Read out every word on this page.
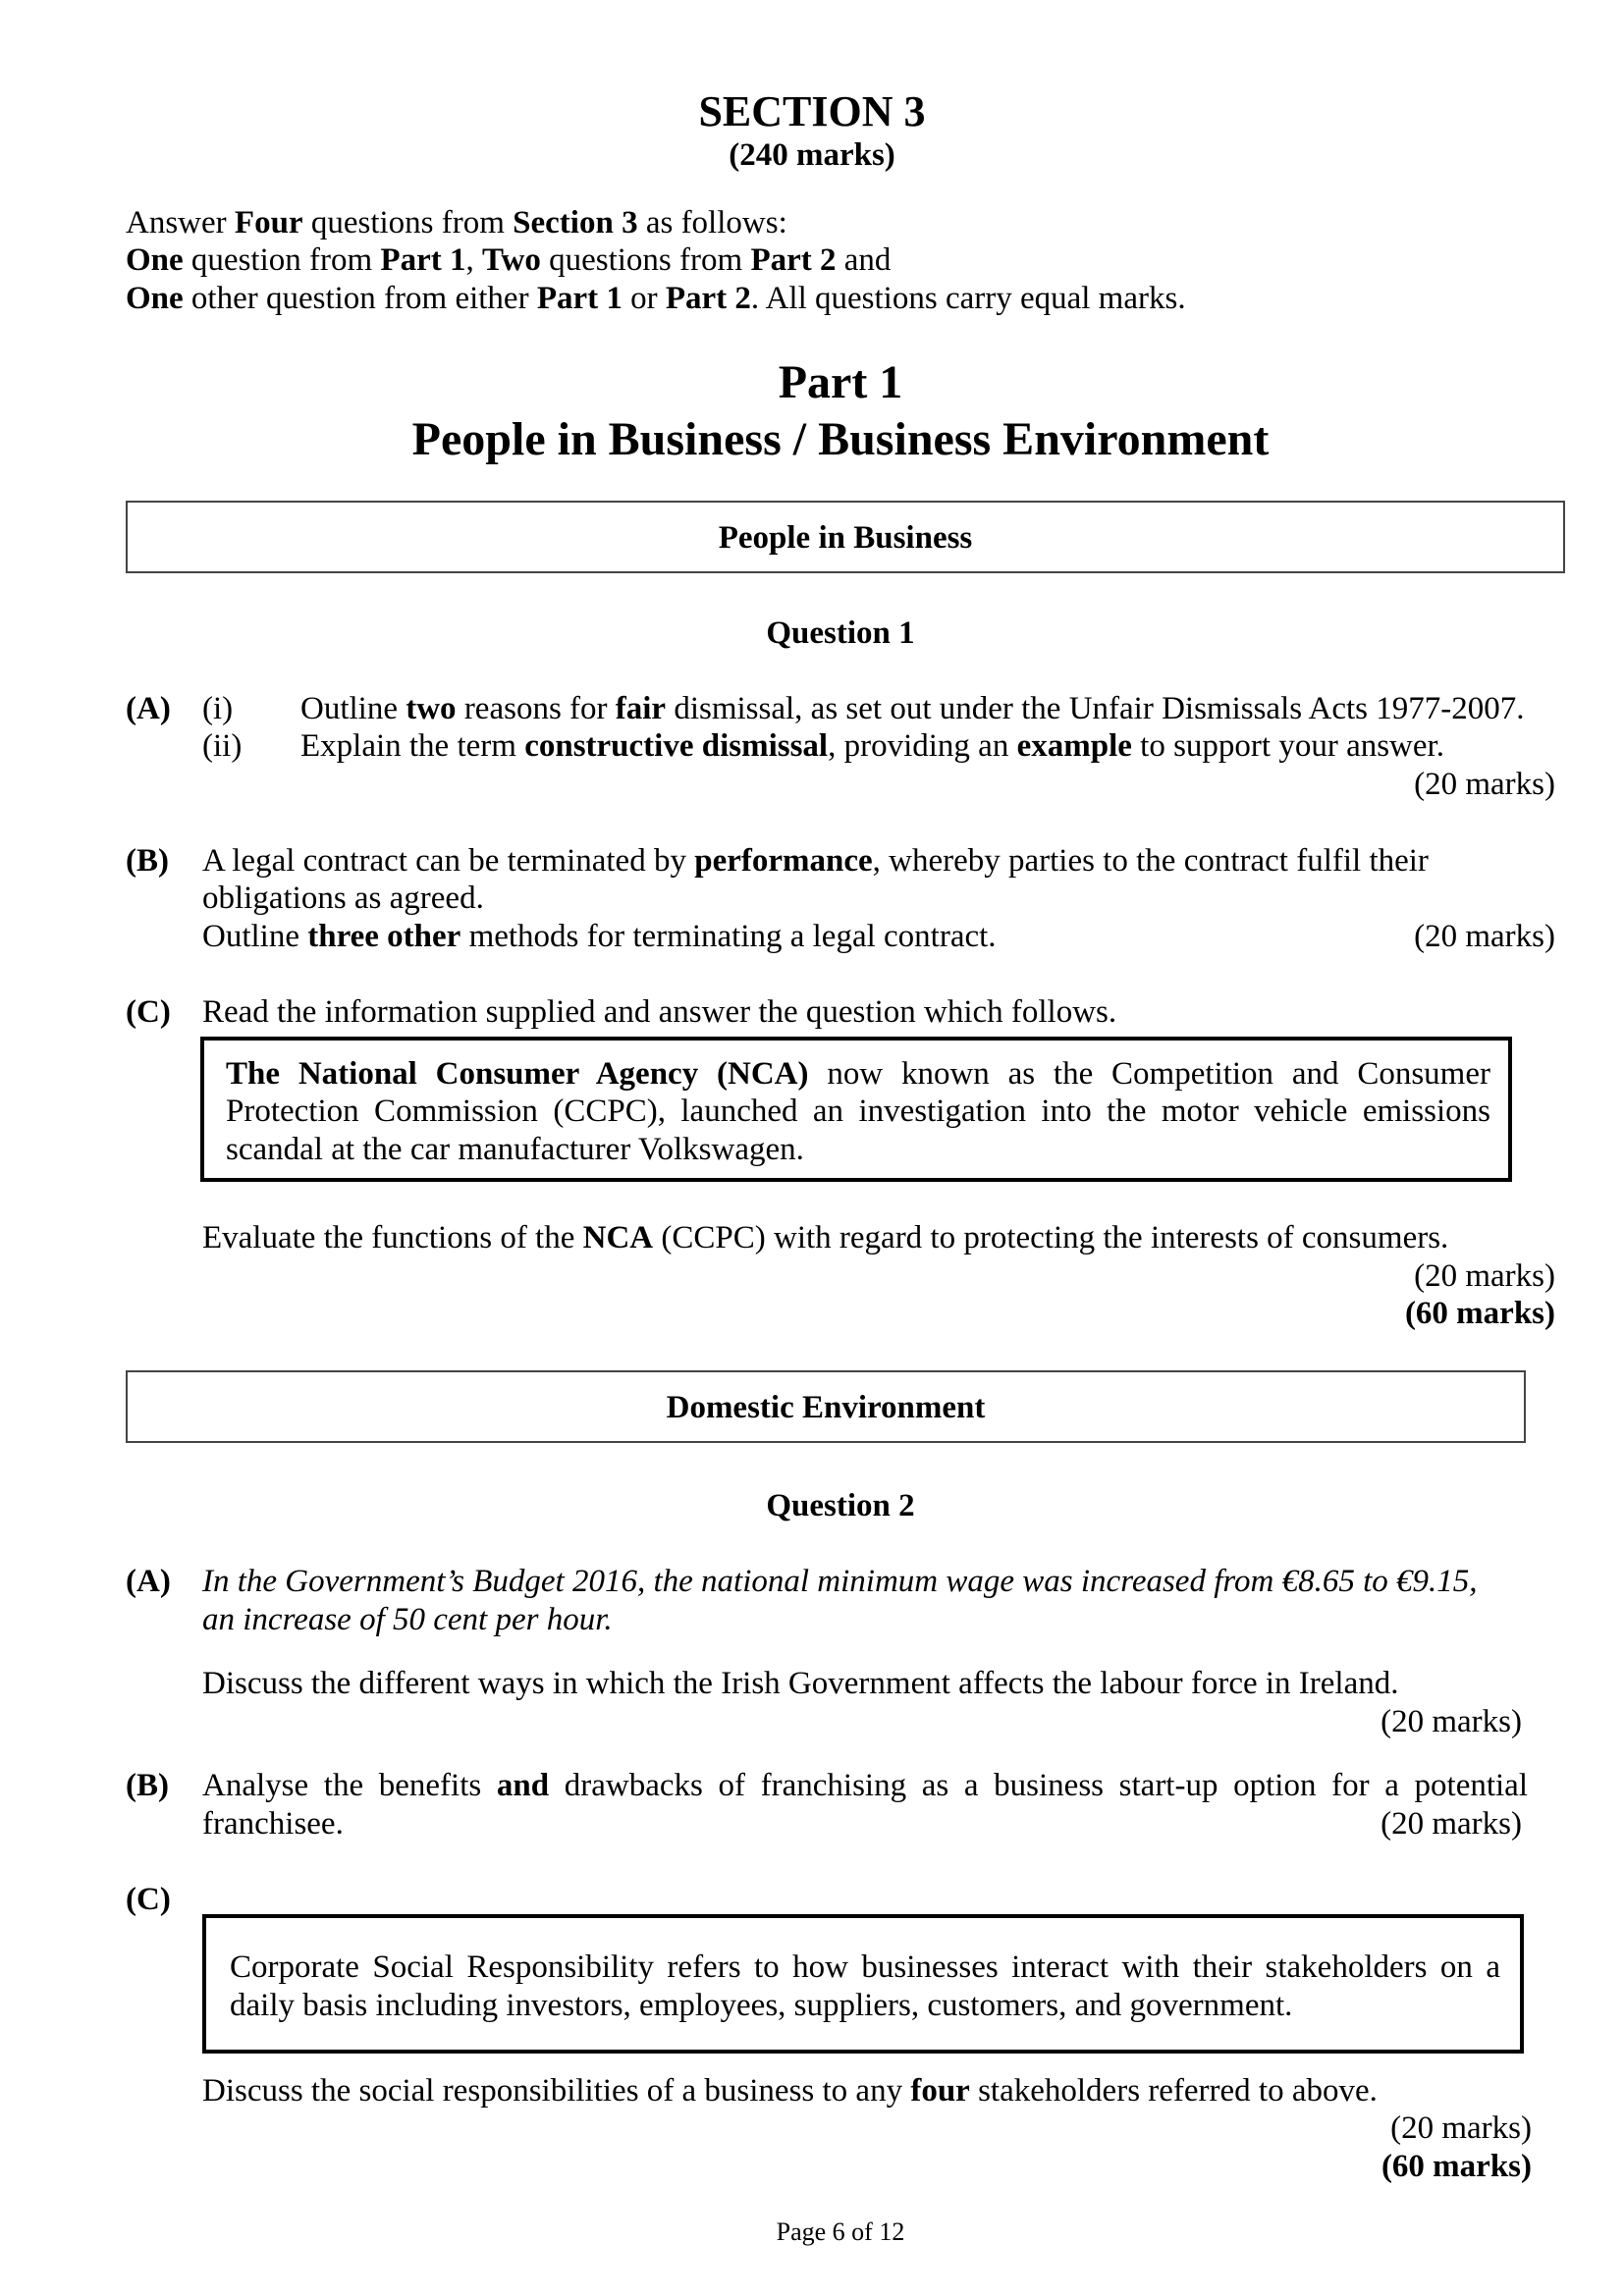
SECTION 3
(240 marks)
Answer Four questions from Section 3 as follows:
One question from Part 1, Two questions from Part 2 and
One other question from either Part 1 or Part 2. All questions carry equal marks.
Part 1
People in Business / Business Environment
People in Business
Question 1
(A) (i) Outline two reasons for fair dismissal, as set out under the Unfair Dismissals Acts 1977-2007.
(ii) Explain the term constructive dismissal, providing an example to support your answer.
(20 marks)
(B) A legal contract can be terminated by performance, whereby parties to the contract fulfil their
obligations as agreed.
Outline three other methods for terminating a legal contract.	(20 marks)
(C) Read the information supplied and answer the question which follows.
The National Consumer Agency (NCA) now known as the Competition and Consumer
Protection Commission (CCPC), launched an investigation into the motor vehicle emissions
scandal at the car manufacturer Volkswagen.
Evaluate the functions of the NCA (CCPC) with regard to protecting the interests of consumers.
(20 marks)
(60 marks)
Domestic Environment
Question 2
(A) In the Government’s Budget 2016, the national minimum wage was increased from €8.65 to €9.15,
an increase of 50 cent per hour.
Discuss the different ways in which the Irish Government affects the labour force in Ireland.
(20 marks)
(B) Analyse the benefits and drawbacks of franchising as a business start-up option for a potential
franchisee.	(20 marks)
(C)
Corporate Social Responsibility refers to how businesses interact with their stakeholders on a
daily basis including investors, employees, suppliers, customers, and government.
Discuss the social responsibilities of a business to any four stakeholders referred to above.
(20 marks)
(60 marks)
Page 6 of 12
